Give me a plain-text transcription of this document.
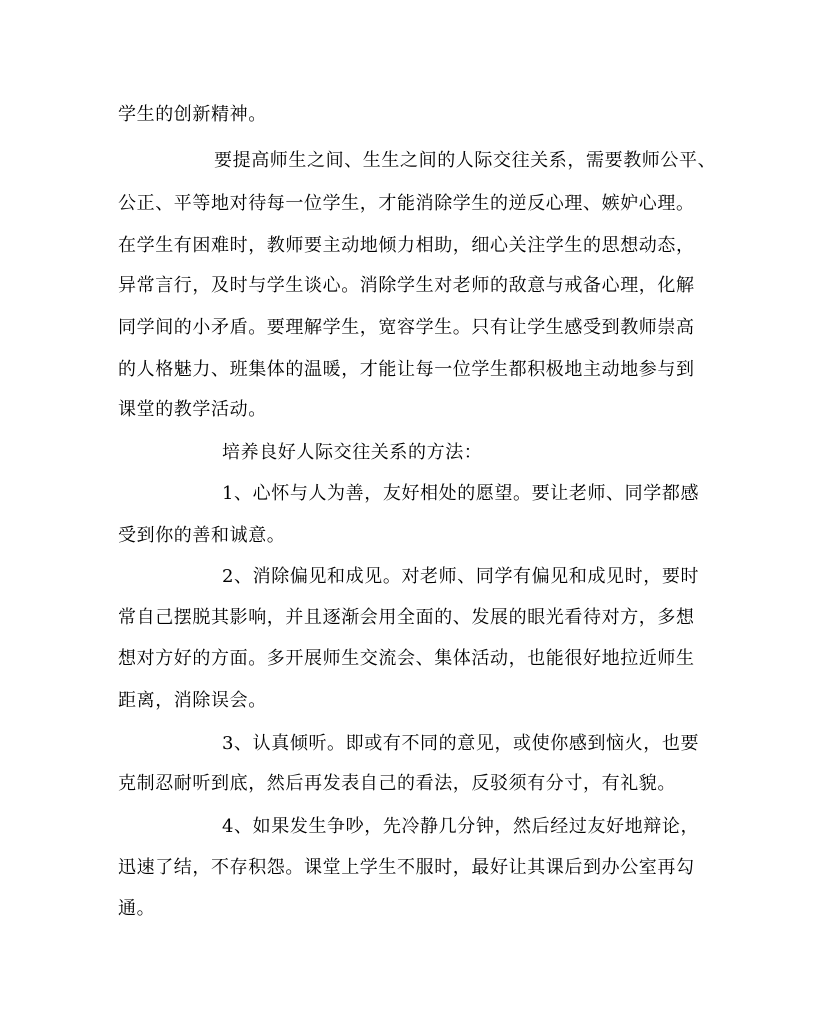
学生的创新精神。
要提高师生之间、生生之间的人际交往关系，需要教师公平、
公正、平等地对待每一位学生，才能消除学生的逆反心理、嫉妒心理。
在学生有困难时，教师要主动地倾力相助，细心关注学生的思想动态，
异常言行，及时与学生谈心。消除学生对老师的敌意与戒备心理，化解
同学间的小矛盾。要理解学生，宽容学生。只有让学生感受到教师崇高
的人格魅力、班集体的温暖，才能让每一位学生都积极地主动地参与到
课堂的教学活动。
培养良好人际交往关系的方法：
1、心怀与人为善，友好相处的愿望。要让老师、同学都感
受到你的善和诚意。
2、消除偏见和成见。对老师、同学有偏见和成见时，要时
常自己摆脱其影响，并且逐渐会用全面的、发展的眼光看待对方，多想
想对方好的方面。多开展师生交流会、集体活动，也能很好地拉近师生
距离，消除误会。
3、认真倾听。即或有不同的意见，或使你感到恼火，也要
克制忍耐听到底，然后再发表自己的看法，反驳须有分寸，有礼貌。
4、如果发生争吵，先冷静几分钟，然后经过友好地辩论，
迅速了结，不存积怨。课堂上学生不服时，最好让其课后到办公室再勾
通。
